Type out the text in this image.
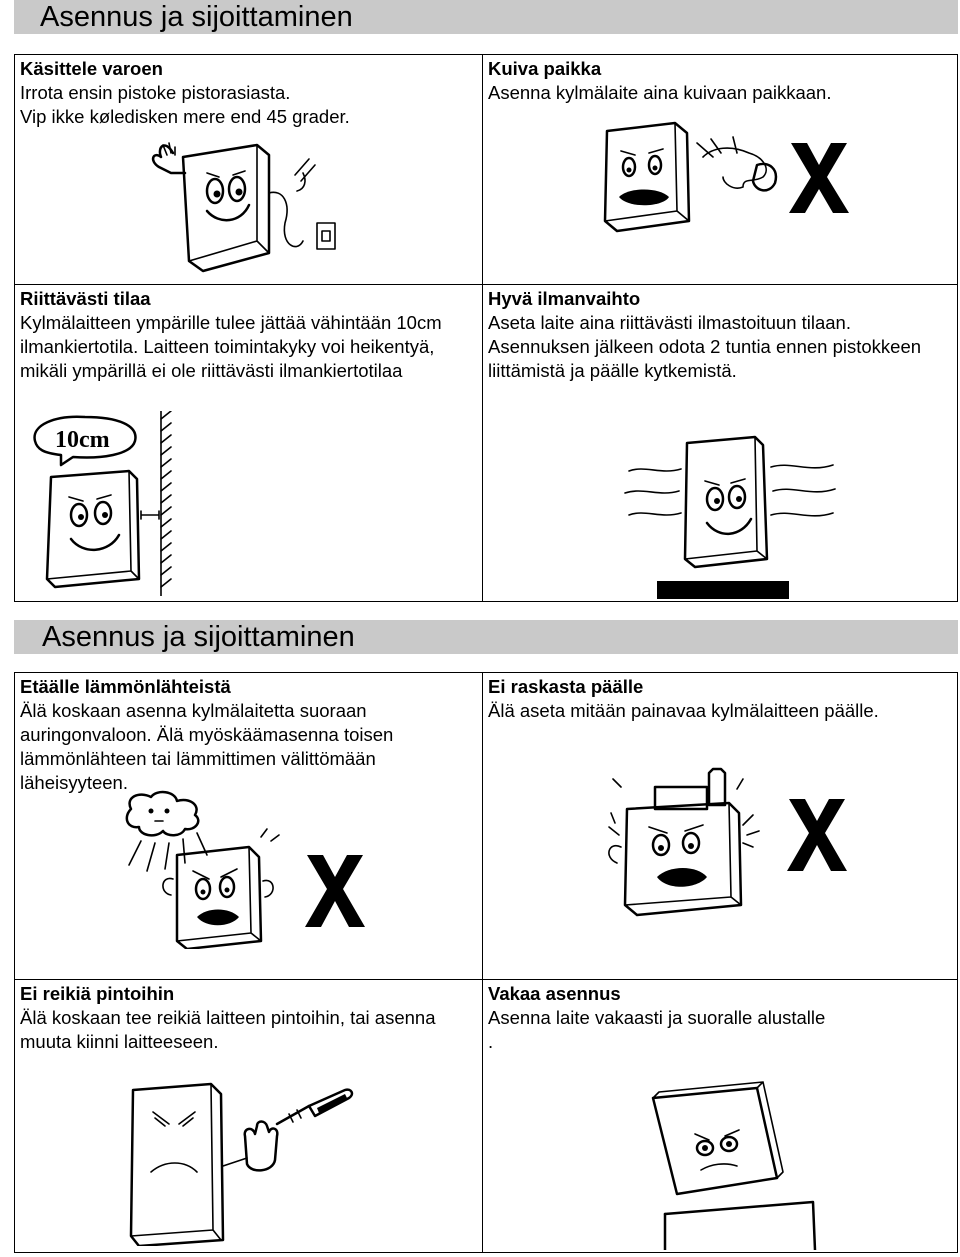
Asennus ja sijoittaminen
Käsittele varoen
Irrota ensin pistoke pistorasiasta.
Vip ikke køledisken mere end 45 grader.
Kuiva paikka
Asenna kylmälaite aina kuivaan paikkaan.
Riittävästi tilaa
Kylmälaitteen ympärille tulee jättää vähintään 10cm ilmankiertotila. Laitteen toimintakyky voi heikentyä, mikäli ympärillä ei ole riittävästi ilmankiertotilaa
10cm
Hyvä ilmanvaihto
Aseta laite aina riittävästi ilmastoituun tilaan. Asennuksen jälkeen odota 2 tuntia ennen pistokkeen liittämistä ja päälle kytkemistä.
Asennus ja sijoittaminen
Etäälle lämmönlähteistä
Älä koskaan asenna kylmälaitetta suoraan auringonvaloon. Älä myöskäämasenna toisen lämmönlähteen tai lämmittimen välittömään läheisyyteen.
Ei raskasta päälle
Älä aseta mitään painavaa kylmälaitteen päälle.
Ei reikiä pintoihin
Älä koskaan tee reikiä laitteen pintoihin, tai asenna muuta kiinni laitteeseen.
Vakaa asennus
Asenna laite vakaasti ja suoralle alustalle
.
